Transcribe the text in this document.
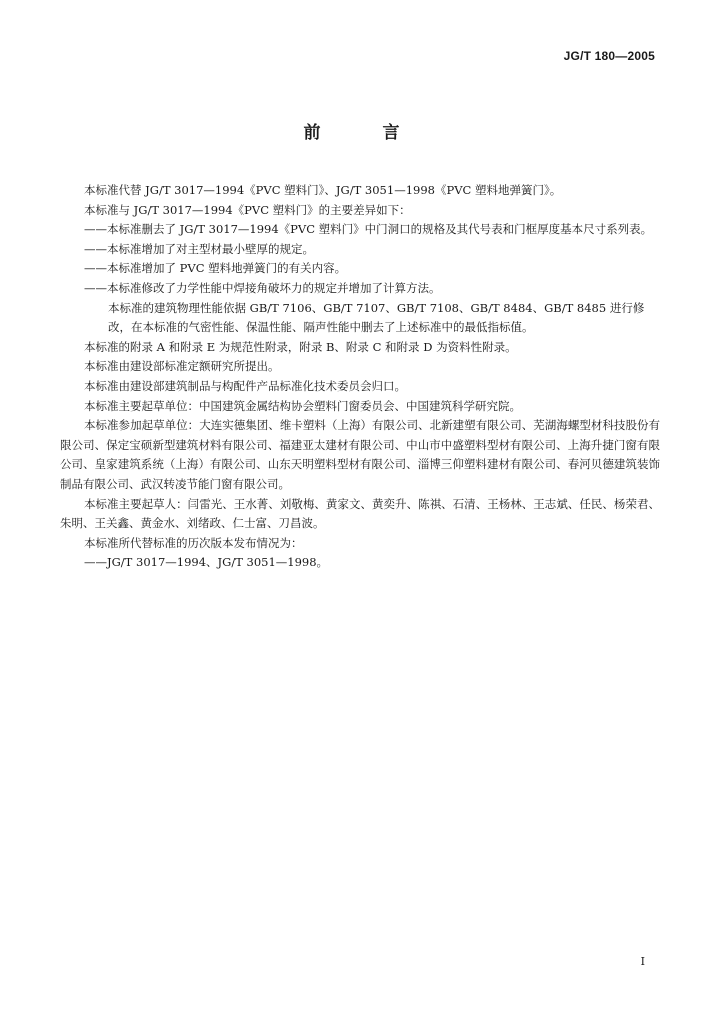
JG/T 180—2005
前 言

本标准代替 JG/T 3017—1994《PVC 塑料门》、JG/T 3051—1998《PVC 塑料地弹簧门》。

本标准与 JG/T 3017—1994《PVC 塑料门》的主要差异如下：

——本标准删去了 JG/T 3017—1994《PVC 塑料门》中门洞口的规格及其代号表和门框厚度基本尺寸系列表。

——本标准增加了对主型材最小壁厚的规定。

——本标准增加了 PVC 塑料地弹簧门的有关内容。

——本标准修改了力学性能中焊接角破坏力的规定并增加了计算方法。

本标准的建筑物理性能依据 GB/T 7106、GB/T 7107、GB/T 7108、GB/T 8484、GB/T 8485 进行修改，在本标准的气密性能、保温性能、隔声性能中删去了上述标准中的最低指标值。

本标准的附录 A 和附录 E 为规范性附录，附录 B、附录 C 和附录 D 为资料性附录。

本标准由建设部标准定额研究所提出。

本标准由建设部建筑制品与构配件产品标准化技术委员会归口。

本标准主要起草单位：中国建筑金属结构协会塑料门窗委员会、中国建筑科学研究院。

本标准参加起草单位：大连实德集团、维卡塑料（上海）有限公司、北新建塑有限公司、芜湖海螺型材科技股份有限公司、保定宝硕新型建筑材料有限公司、福建亚太建材有限公司、中山市中盛塑料型材有限公司、上海升捷门窗有限公司、皇家建筑系统（上海）有限公司、山东天明塑料型材有限公司、淄博三仰塑料建材有限公司、春河贝德建筑装饰制品有限公司、武汉转凌节能门窗有限公司。

本标准主要起草人：闫雷光、王水菁、刘敬梅、黄家文、黄奕升、陈祺、石清、王杨林、王志斌、任民、杨荣君、朱明、王关鑫、黄金水、刘绪政、仁士富、刀昌波。

本标准所代替标准的历次版本发布情况为：

——JG/T 3017—1994、JG/T 3051—1998。

I
